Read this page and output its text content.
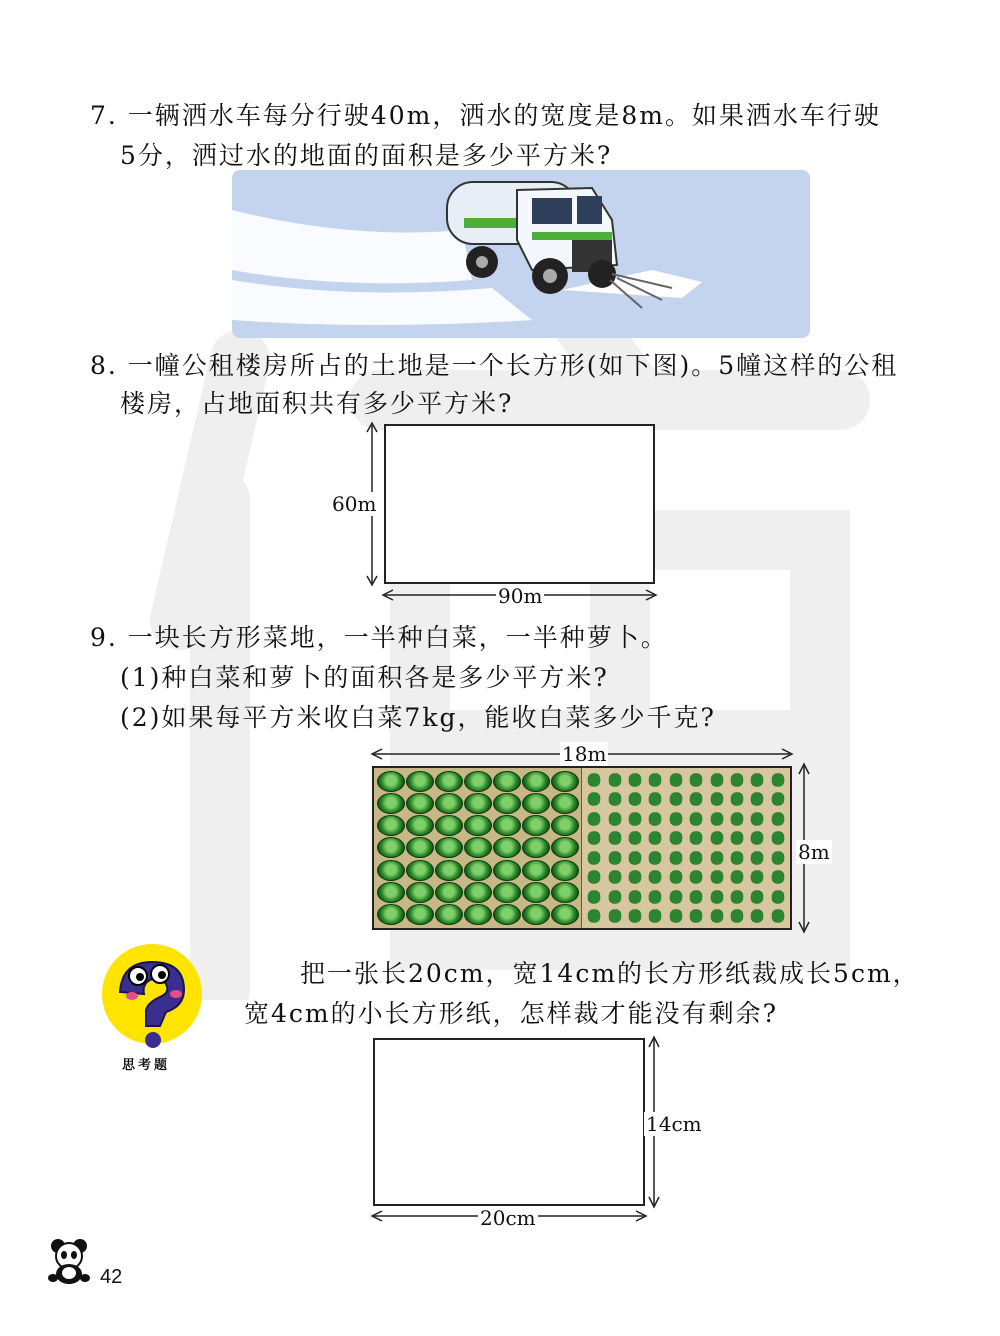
7. 一辆洒水车每分行驶40m，洒水的宽度是8m。如果洒水车行驶
5分，洒过水的地面的面积是多少平方米?
8. 一幢公租楼房所占的土地是一个长方形(如下图)。5幢这样的公租
楼房，占地面积共有多少平方米?
60m
90m
9. 一块长方形菜地，一半种白菜，一半种萝卜。
(1)种白菜和萝卜的面积各是多少平方米?
(2)如果每平方米收白菜7kg，能收白菜多少千克?
18m
8m
思考题
把一张长20cm，宽14cm的长方形纸裁成长5cm，
宽4cm的小长方形纸，怎样裁才能没有剩余?
14cm
20cm
42
